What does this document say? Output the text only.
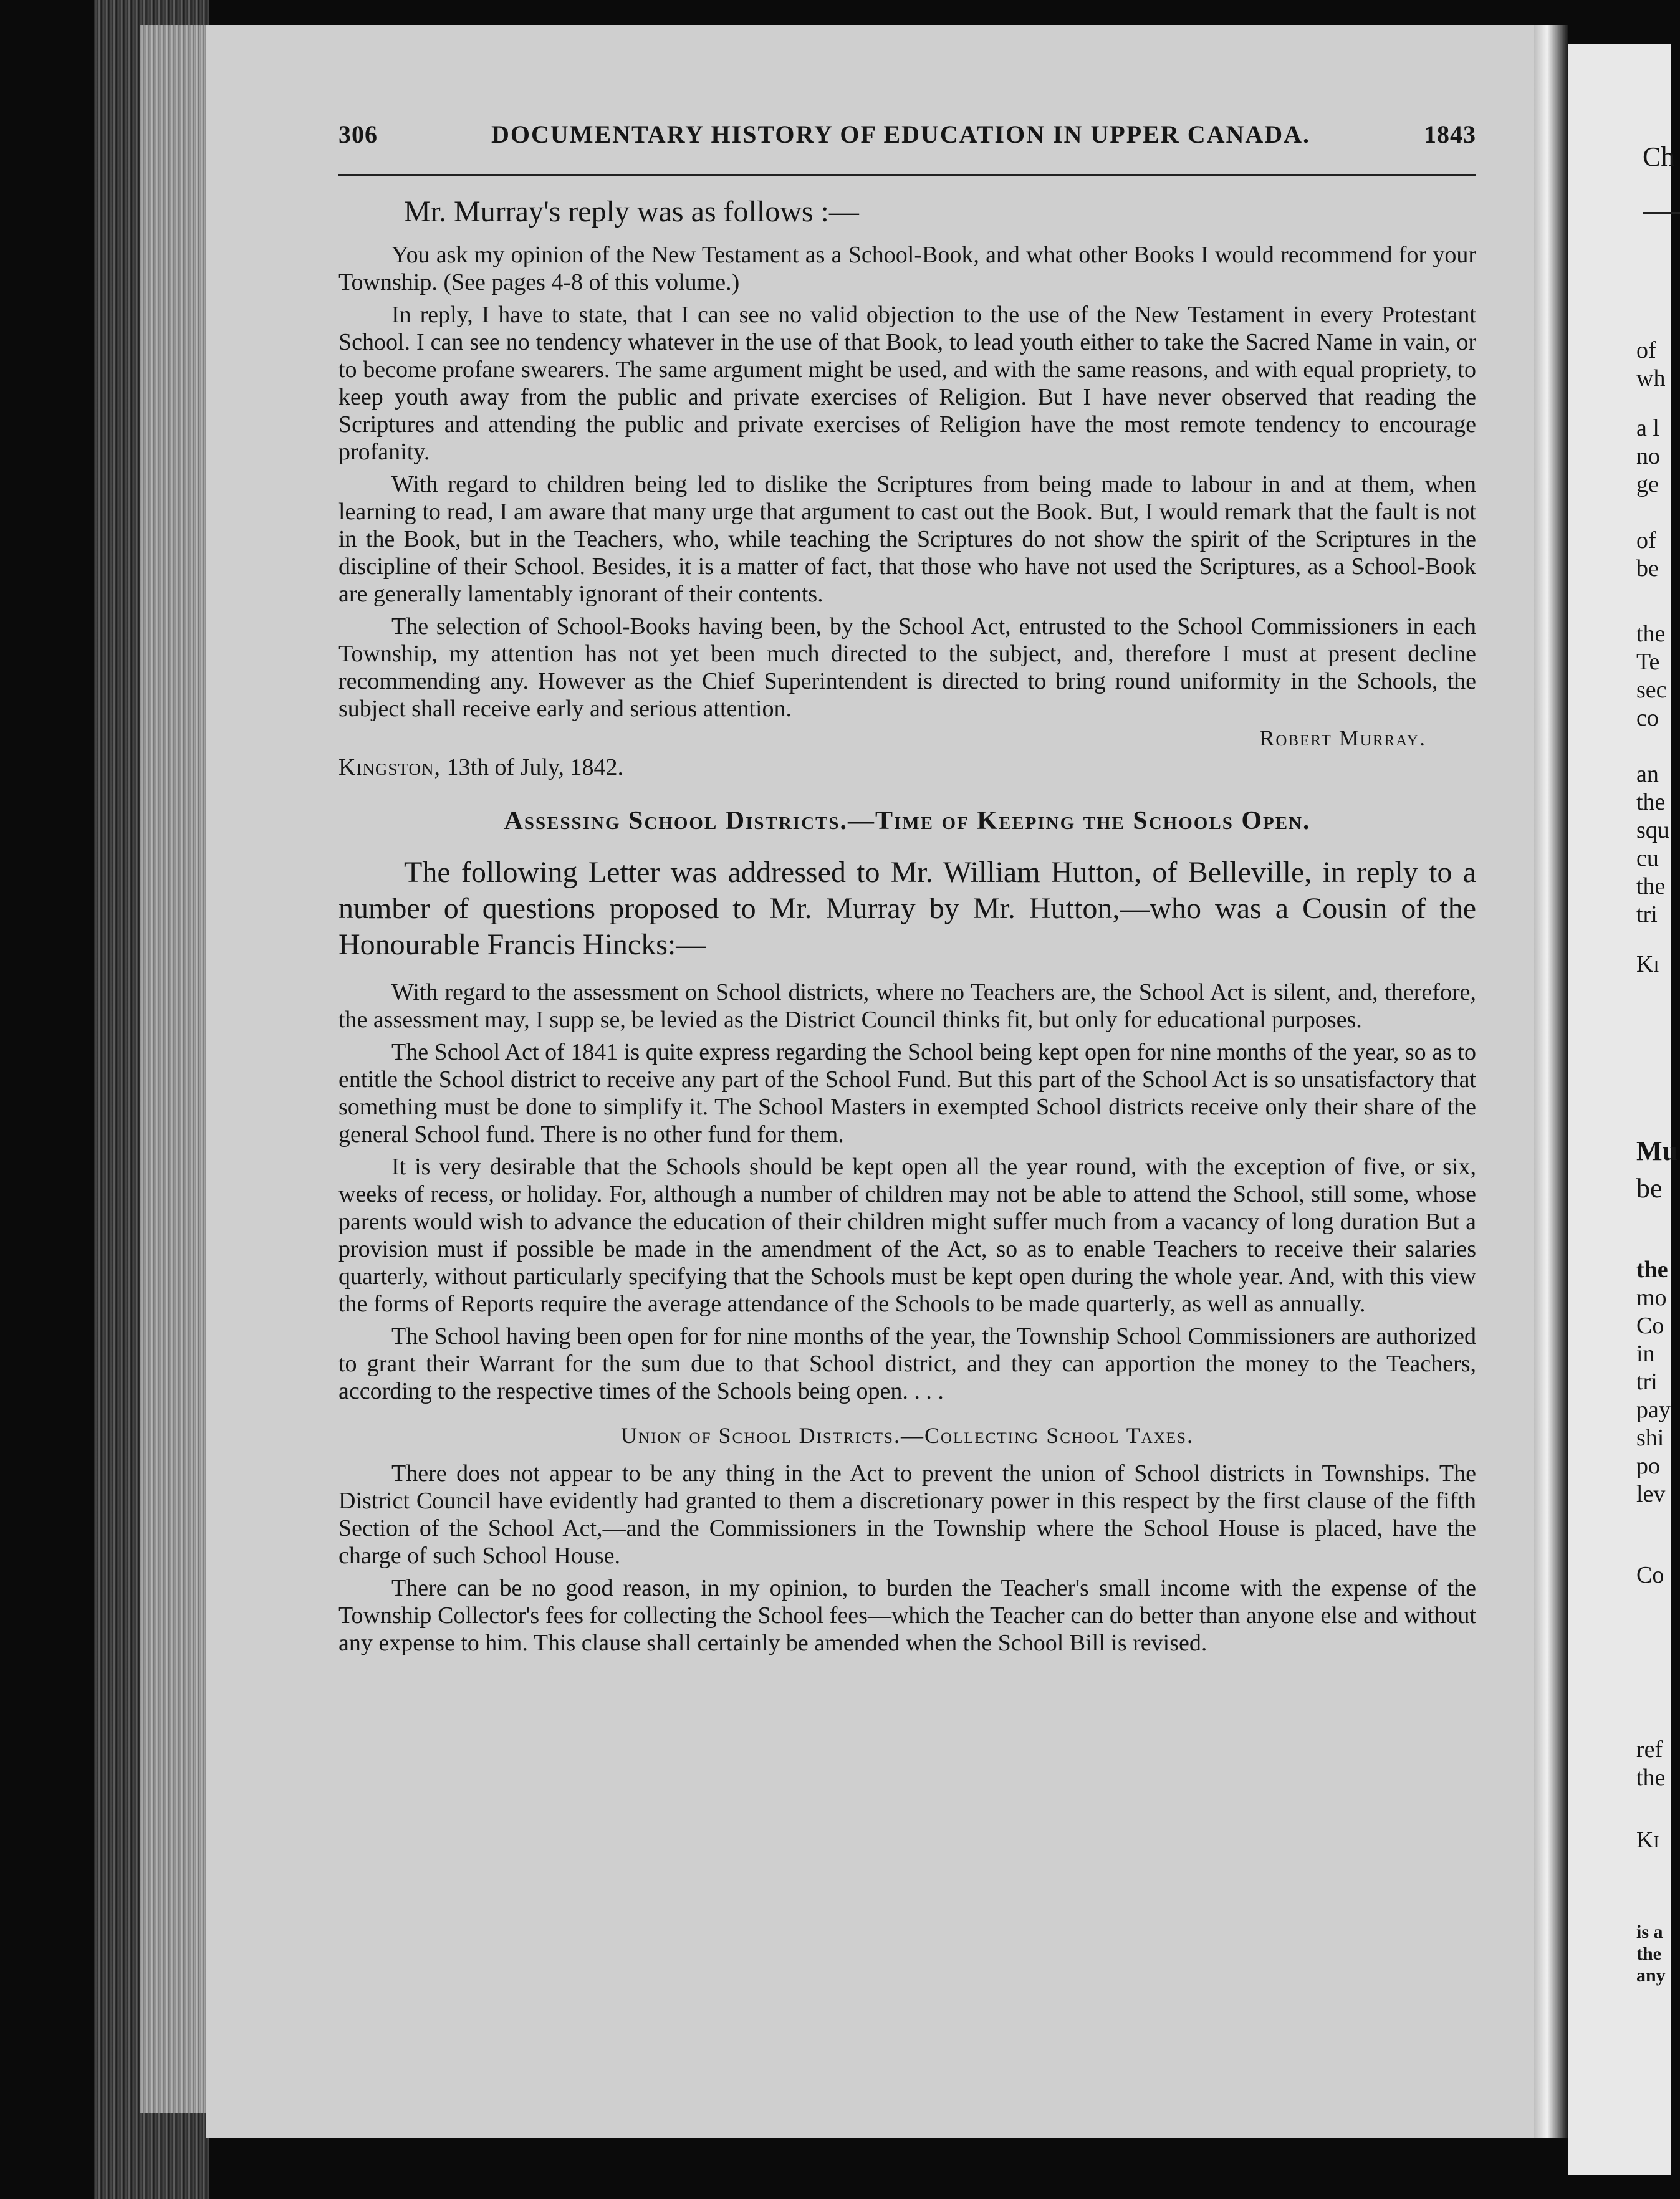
Ch
of
wh
a l
no
ge
of
be
the
Te
sec
co
an
the
squ
cu
the
tri
Ki
Mu
be
the
mo
Co
in
tri
pay
shi
po
lev
Co
ref
the
Ki
is a
the
any
306	DOCUMENTARY HISTORY OF EDUCATION IN UPPER CANADA.	1843
Mr. Murray's reply was as follows :—

You ask my opinion of the New Testament as a School-Book, and what other Books I would recommend for your Township. (See pages 4-8 of this volume.)

In reply, I have to state, that I can see no valid objection to the use of the New Testament in every Protestant School. I can see no tendency whatever in the use of that Book, to lead youth either to take the Sacred Name in vain, or to become profane swearers. The same argument might be used, and with the same reasons, and with equal propriety, to keep youth away from the public and private exercises of Religion. But I have never observed that reading the Scriptures and attending the public and private exercises of Religion have the most remote tendency to encourage profanity.

With regard to children being led to dislike the Scriptures from being made to labour in and at them, when learning to read, I am aware that many urge that argument to cast out the Book. But, I would remark that the fault is not in the Book, but in the Teachers, who, while teaching the Scriptures do not show the spirit of the Scriptures in the discipline of their School. Besides, it is a matter of fact, that those who have not used the Scriptures, as a School-Book are generally lamentably ignorant of their contents.

The selection of School-Books having been, by the School Act, entrusted to the School Commissioners in each Township, my attention has not yet been much directed to the subject, and, therefore I must at present decline recommending any. However as the Chief Superintendent is directed to bring round uniformity in the Schools, the subject shall receive early and serious attention.

Robert Murray.
Kingston, 13th of July, 1842.
Assessing School Districts.—Time of Keeping the Schools Open.
The following Letter was addressed to Mr. William Hutton, of Belleville, in reply to a number of questions proposed to Mr. Murray by Mr. Hutton,—who was a Cousin of the Honourable Francis Hincks:—

With regard to the assessment on School districts, where no Teachers are, the School Act is silent, and, therefore, the assessment may, I supp se, be levied as the District Council thinks fit, but only for educational purposes.

The School Act of 1841 is quite express regarding the School being kept open for nine months of the year, so as to entitle the School district to receive any part of the School Fund. But this part of the School Act is so unsatisfactory that something must be done to simplify it. The School Masters in exempted School districts receive only their share of the general School fund. There is no other fund for them.

It is very desirable that the Schools should be kept open all the year round, with the exception of five, or six, weeks of recess, or holiday. For, although a number of children may not be able to attend the School, still some, whose parents would wish to advance the education of their children might suffer much from a vacancy of long duration But a provision must if possible be made in the amendment of the Act, so as to enable Teachers to receive their salaries quarterly, without particularly specifying that the Schools must be kept open during the whole year. And, with this view the forms of Reports require the average attendance of the Schools to be made quarterly, as well as annually.

The School having been open for for nine months of the year, the Township School Commissioners are authorized to grant their Warrant for the sum due to that School district, and they can apportion the money to the Teachers, according to the respective times of the Schools being open. . . .

Union of School Districts.—Collecting School Taxes.

There does not appear to be any thing in the Act to prevent the union of School districts in Townships. The District Council have evidently had granted to them a discretionary power in this respect by the first clause of the fifth Section of the School Act,—and the Commissioners in the Township where the School House is placed, have the charge of such School House.

There can be no good reason, in my opinion, to burden the Teacher's small income with the expense of the Township Collector's fees for collecting the School fees—which the Teacher can do better than anyone else and without any expense to him. This clause shall certainly be amended when the School Bill is revised.
